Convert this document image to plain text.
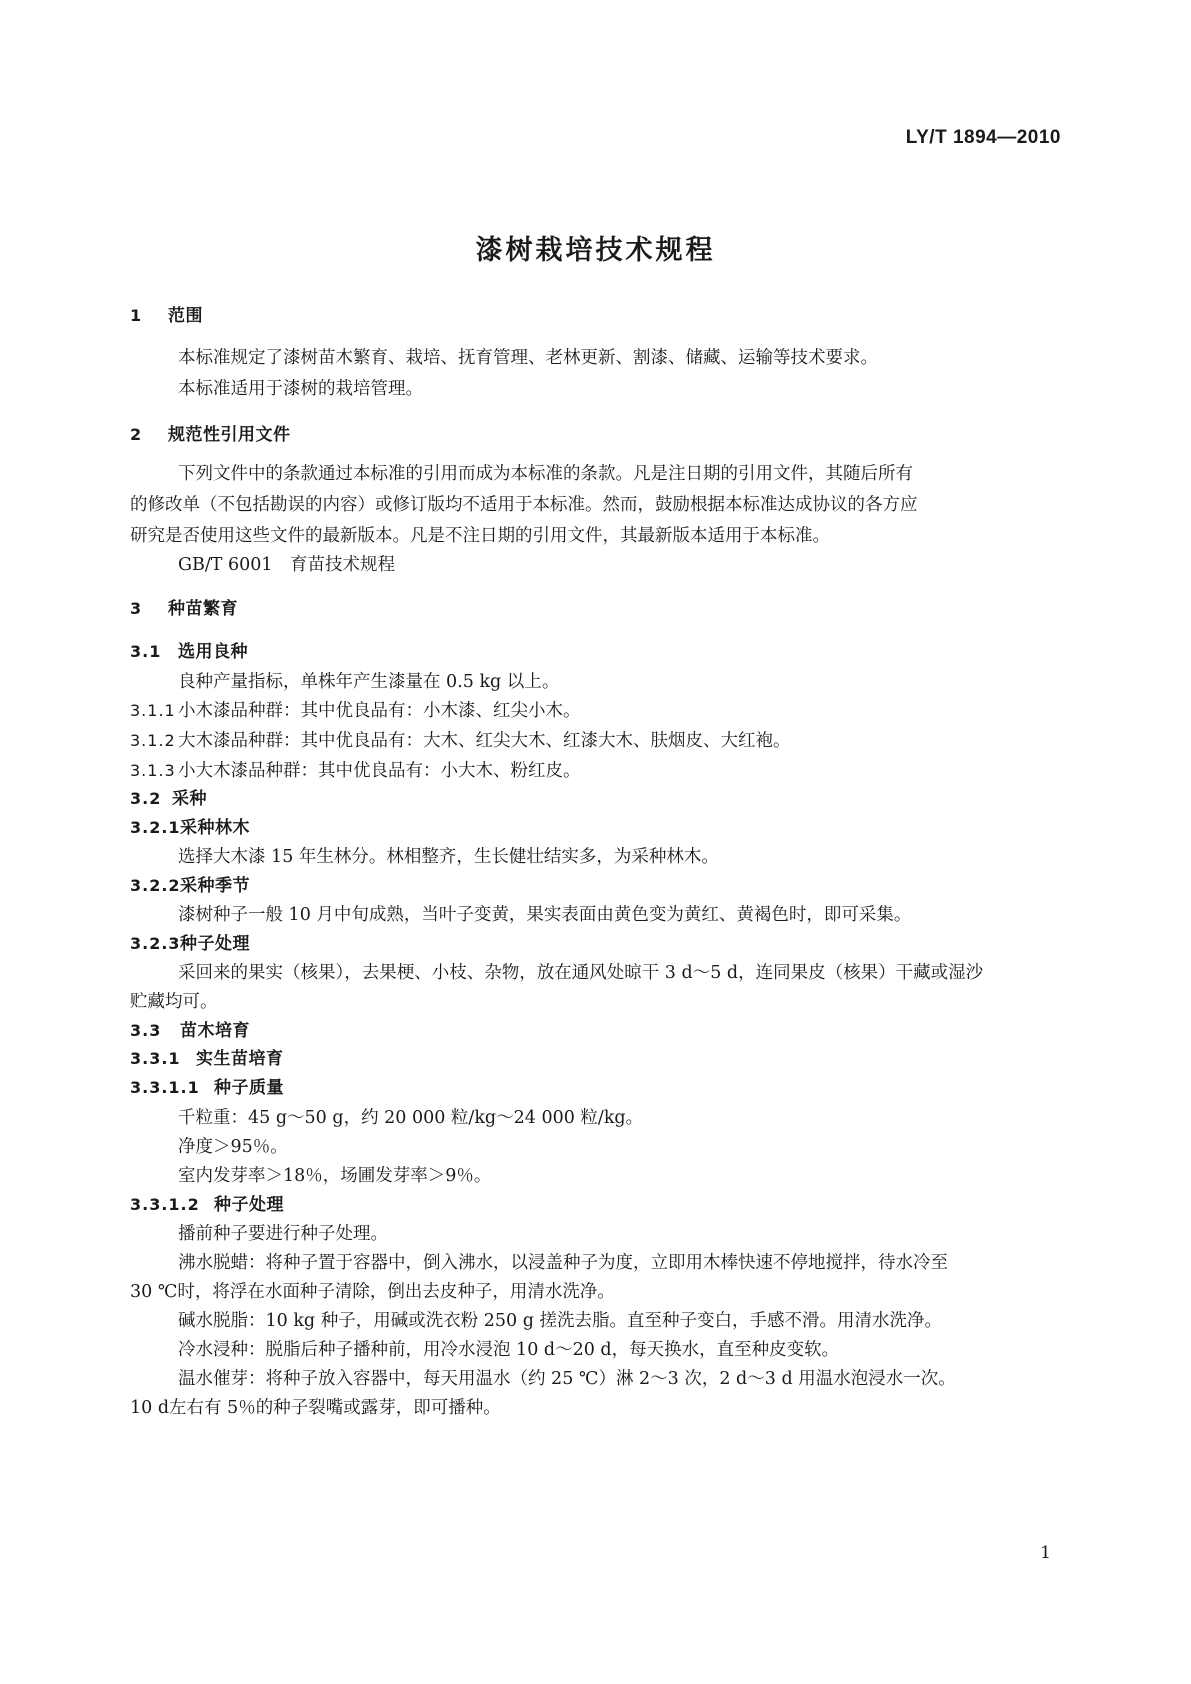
LY/T 1894—2010
漆树栽培技术规程
1 范围
本标准规定了漆树苗木繁育、栽培、抚育管理、老林更新、割漆、储藏、运输等技术要求。
本标准适用于漆树的栽培管理。
2 规范性引用文件
下列文件中的条款通过本标准的引用而成为本标准的条款。凡是注日期的引用文件，其随后所有
的修改单（不包括勘误的内容）或修订版均不适用于本标准。然而，鼓励根据本标准达成协议的各方应
研究是否使用这些文件的最新版本。凡是不注日期的引用文件，其最新版本适用于本标准。
GB/T 6001　育苗技术规程
3 种苗繁育
3.1 选用良种
良种产量指标，单株年产生漆量在 0.5 kg 以上。
3.1.1 小木漆品种群：其中优良品有：小木漆、红尖小木。
3.1.2 大木漆品种群：其中优良品有：大木、红尖大木、红漆大木、肤烟皮、大红袍。
3.1.3 小大木漆品种群：其中优良品有：小大木、粉红皮。
3.2 采种
3.2.1采种林木
选择大木漆 15 年生林分。林相整齐，生长健壮结实多，为采种林木。
3.2.2采种季节
漆树种子一般 10 月中旬成熟，当叶子变黄，果实表面由黄色变为黄红、黄褐色时，即可采集。
3.2.3种子处理
采回来的果实（核果），去果梗、小枝、杂物，放在通风处晾干 3 d～5 d，连同果皮（核果）干藏或湿沙
贮藏均可。
3.3 苗木培育
3.3.1 实生苗培育
3.3.1.1 种子质量
千粒重：45 g～50 g，约 20 000 粒/kg～24 000 粒/kg。
净度＞95％。
室内发芽率＞18％，场圃发芽率＞9％。
3.3.1.2 种子处理
播前种子要进行种子处理。
沸水脱蜡：将种子置于容器中，倒入沸水，以浸盖种子为度，立即用木棒快速不停地搅拌，待水冷至
30 ℃时，将浮在水面种子清除，倒出去皮种子，用清水洗净。
碱水脱脂：10 kg 种子，用碱或洗衣粉 250 g 搓洗去脂。直至种子变白，手感不滑。用清水洗净。
冷水浸种：脱脂后种子播种前，用冷水浸泡 10 d～20 d，每天换水，直至种皮变软。
温水催芽：将种子放入容器中，每天用温水（约 25 ℃）淋 2～3 次，2 d～3 d 用温水泡浸水一次。
10 d左右有 5％的种子裂嘴或露芽，即可播种。
1
